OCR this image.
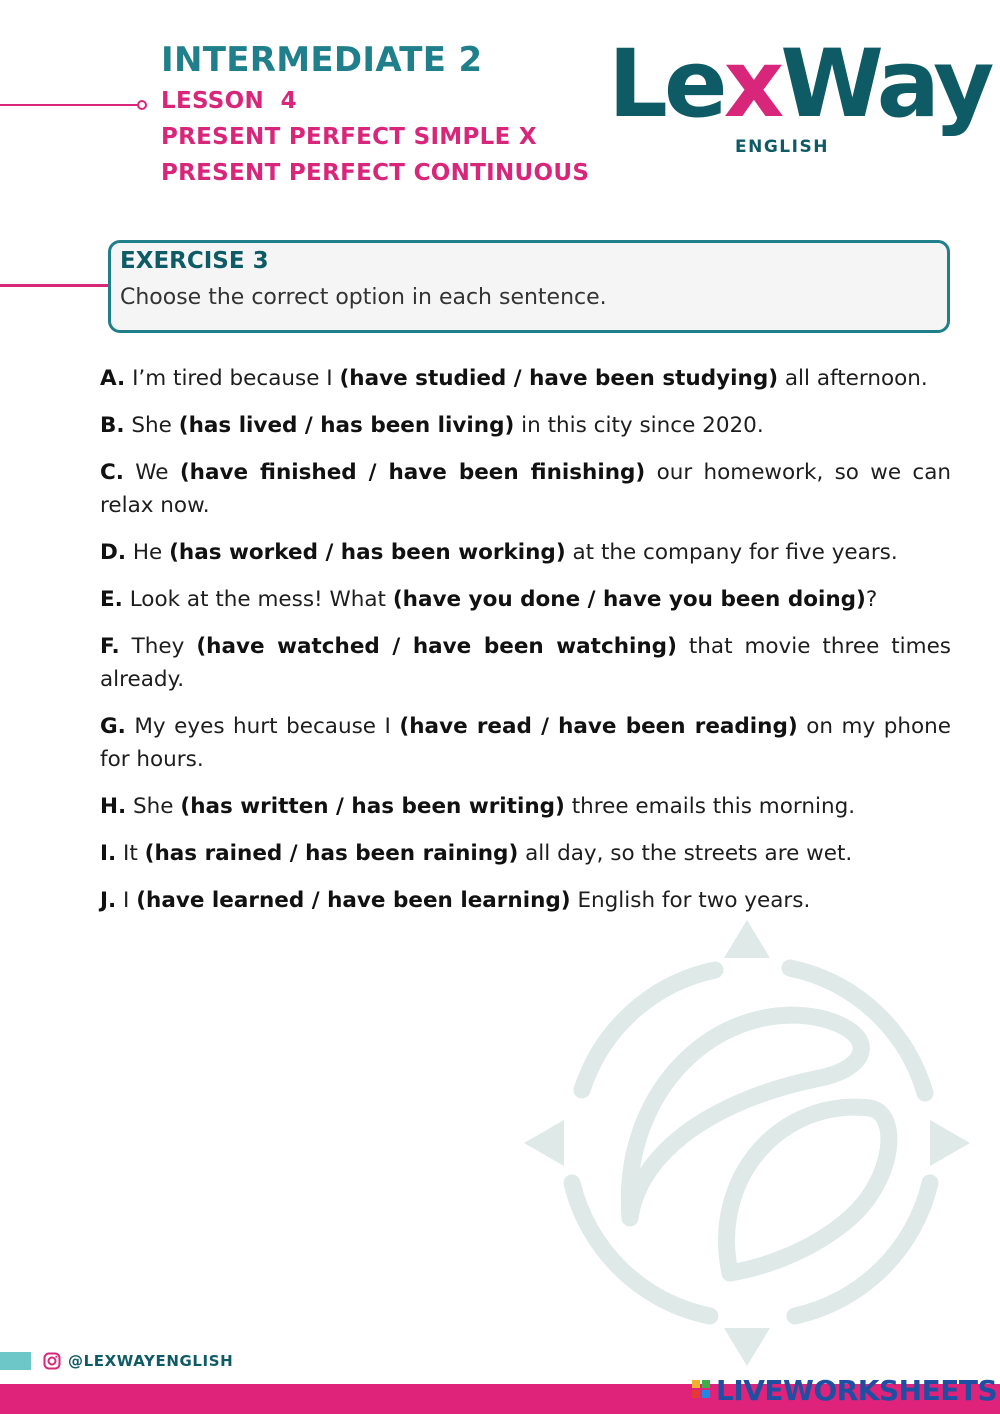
INTERMEDIATE 2
LESSON  4
PRESENT PERFECT SIMPLE X
PRESENT PERFECT CONTINUOUS
LexWay
ENGLISH
EXERCISE 3
Choose the correct option in each sentence.

A. I’m tired because I (have studied / have been studying) all afternoon.

B. She (has lived / has been living) in this city since 2020.

C. We (have finished / have been finishing) our homework, so we can relax now.

D. He (has worked / has been working) at the company for five years.

E. Look at the mess! What (have you done / have you been doing)?

F. They (have watched / have been watching) that movie three times already.

G. My eyes hurt because I (have read / have been reading) on my phone for hours.

H. She (has written / has been writing) three emails this morning.

I. It (has rained / has been raining) all day, so the streets are wet.

J. I (have learned / have been learning) English for two years.

@LEXWAYENGLISH
LIVEWORKSHEETS
